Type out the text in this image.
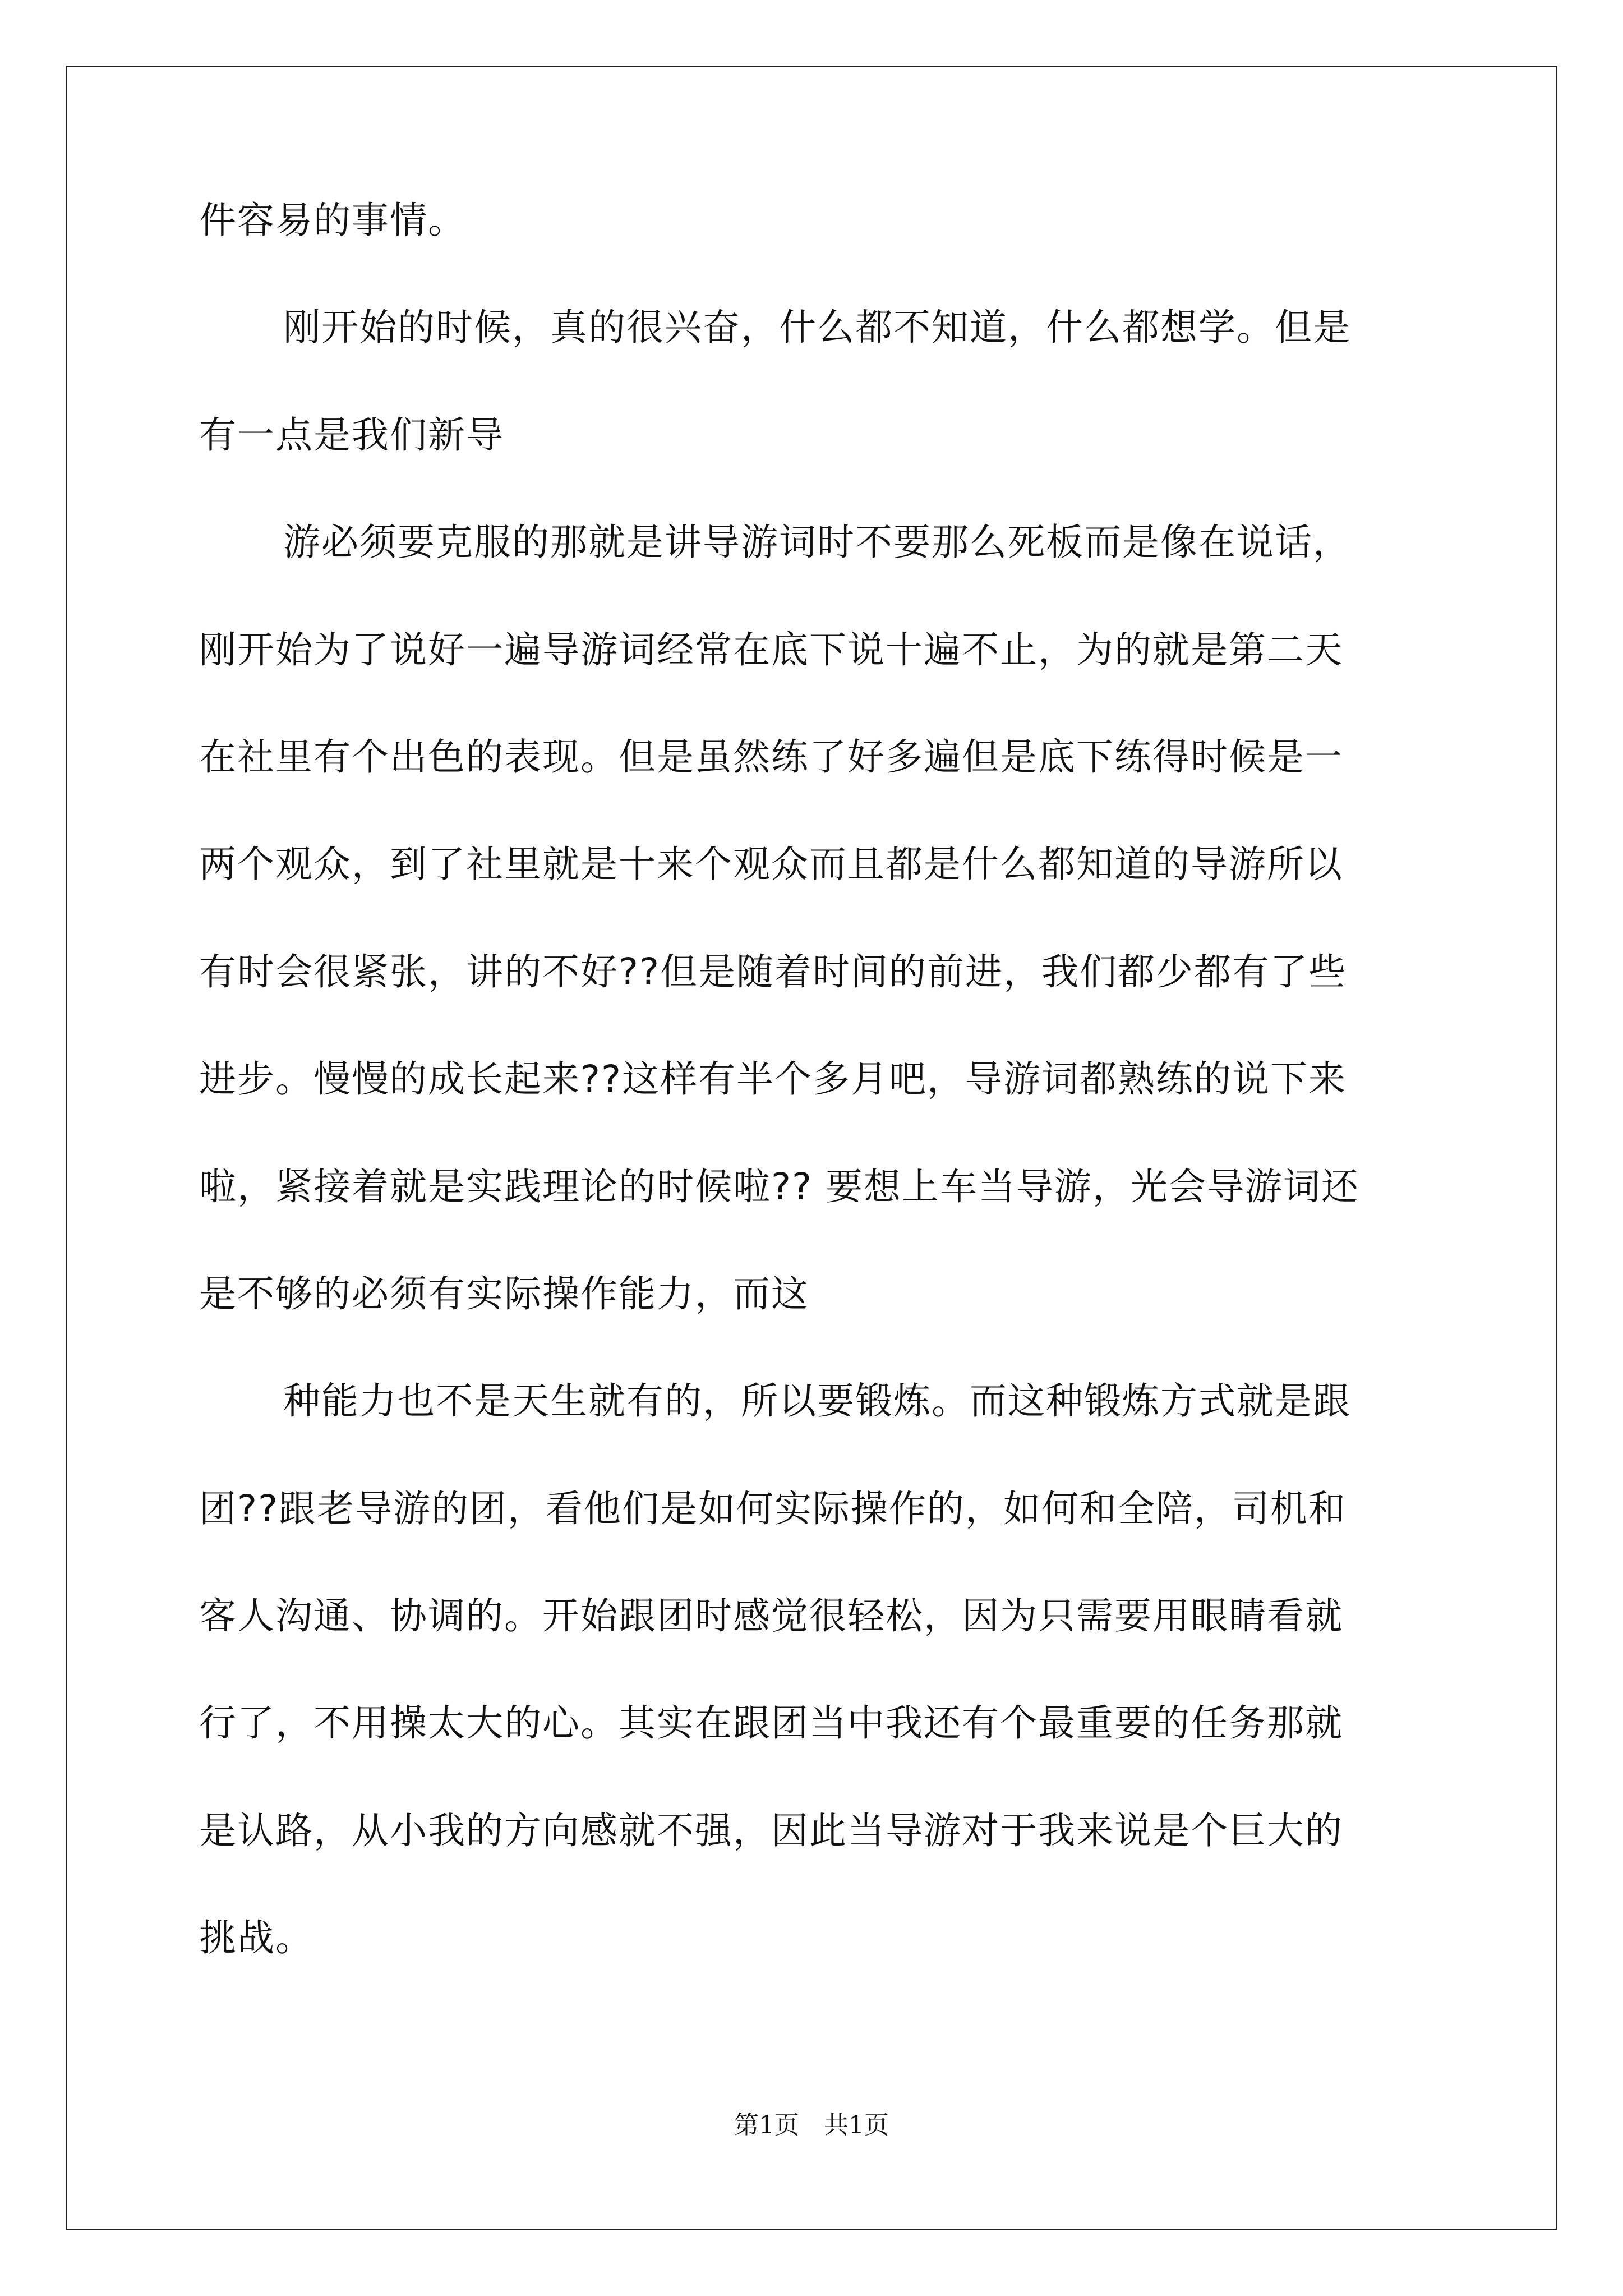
件容易的事情。
刚开始的时候，真的很兴奋，什么都不知道，什么都想学。但是
有一点是我们新导
游必须要克服的那就是讲导游词时不要那么死板而是像在说话，
刚开始为了说好一遍导游词经常在底下说十遍不止，为的就是第二天
在社里有个出色的表现。但是虽然练了好多遍但是底下练得时候是一
两个观众，到了社里就是十来个观众而且都是什么都知道的导游所以
有时会很紧张，讲的不好??但是随着时间的前进，我们都少都有了些
进步。慢慢的成长起来??这样有半个多月吧，导游词都熟练的说下来
啦，紧接着就是实践理论的时候啦?? 要想上车当导游，光会导游词还
是不够的必须有实际操作能力，而这
种能力也不是天生就有的，所以要锻炼。而这种锻炼方式就是跟
团??跟老导游的团，看他们是如何实际操作的，如何和全陪，司机和
客人沟通、协调的。开始跟团时感觉很轻松，因为只需要用眼睛看就
行了，不用操太大的心。其实在跟团当中我还有个最重要的任务那就
是认路，从小我的方向感就不强，因此当导游对于我来说是个巨大的
挑战。
第1页　共1页
